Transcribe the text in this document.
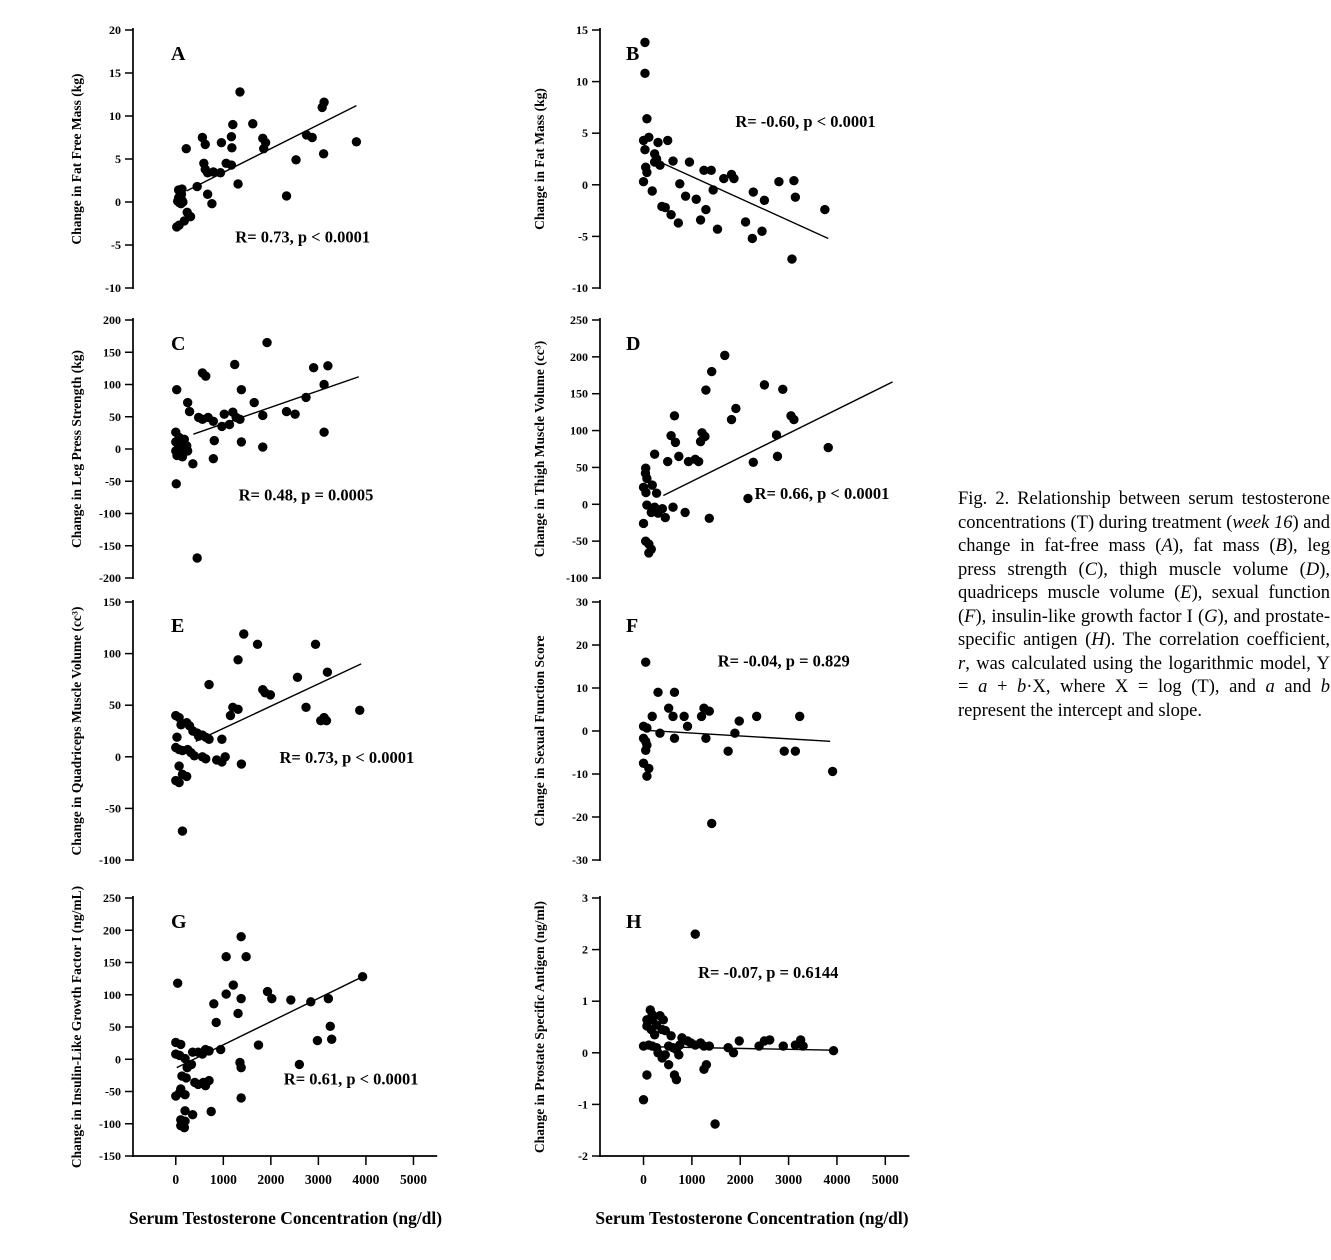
20
15
10
5
0
-5
-10
A
R= 0.73, p < 0.0001
Change in Fat Free Mass (kg)
15
10
5
0
-5
-10
B
R= -0.60, p < 0.0001
Change in Fat Mass (kg)
200
150
100
50
0
-50
-100
-150
-200
C
R= 0.48, p = 0.0005
Change in Leg Press Strength (kg)
250
200
150
100
50
0
-50
-100
D
R= 0.66, p < 0.0001
Change in Thigh Muscle Volume (cc³)
150
100
50
0
-50
-100
E
R= 0.73, p < 0.0001
Change in Quadriceps Muscle Volume (cc³)
30
20
10
0
-10
-20
-30
F
R= -0.04, p = 0.829
Change in Sexual Function Score
250
200
150
100
50
0
-50
-100
-150
0 1000 2000 3000 4000 5000
G
R= 0.61, p < 0.0001
Change in Insulin-Like Growth Factor I (ng/mL)	3
2
1
0
-1
-2
0 1000 2000 3000 4000 5000
H
R= -0.07, p = 0.6144
Change in Prostate Specific Antigen (ng/ml)
Serum Testosterone Concentration (ng/dl)	Serum Testosterone Concentration (ng/dl)
Fig. 2. Relationship between serum testosterone concentrations (T) during treatment (week 16) and change in fat-free mass (A), fat mass (B), leg press strength (C), thigh muscle volume (D), quadriceps muscle volume (E), sexual function (F), insulin-like growth factor I (G), and prostate-specific antigen (H). The correlation coefficient, r, was calculated using the logarithmic model, Y = a + b·X, where X = log (T), and a and b represent the intercept and slope.
